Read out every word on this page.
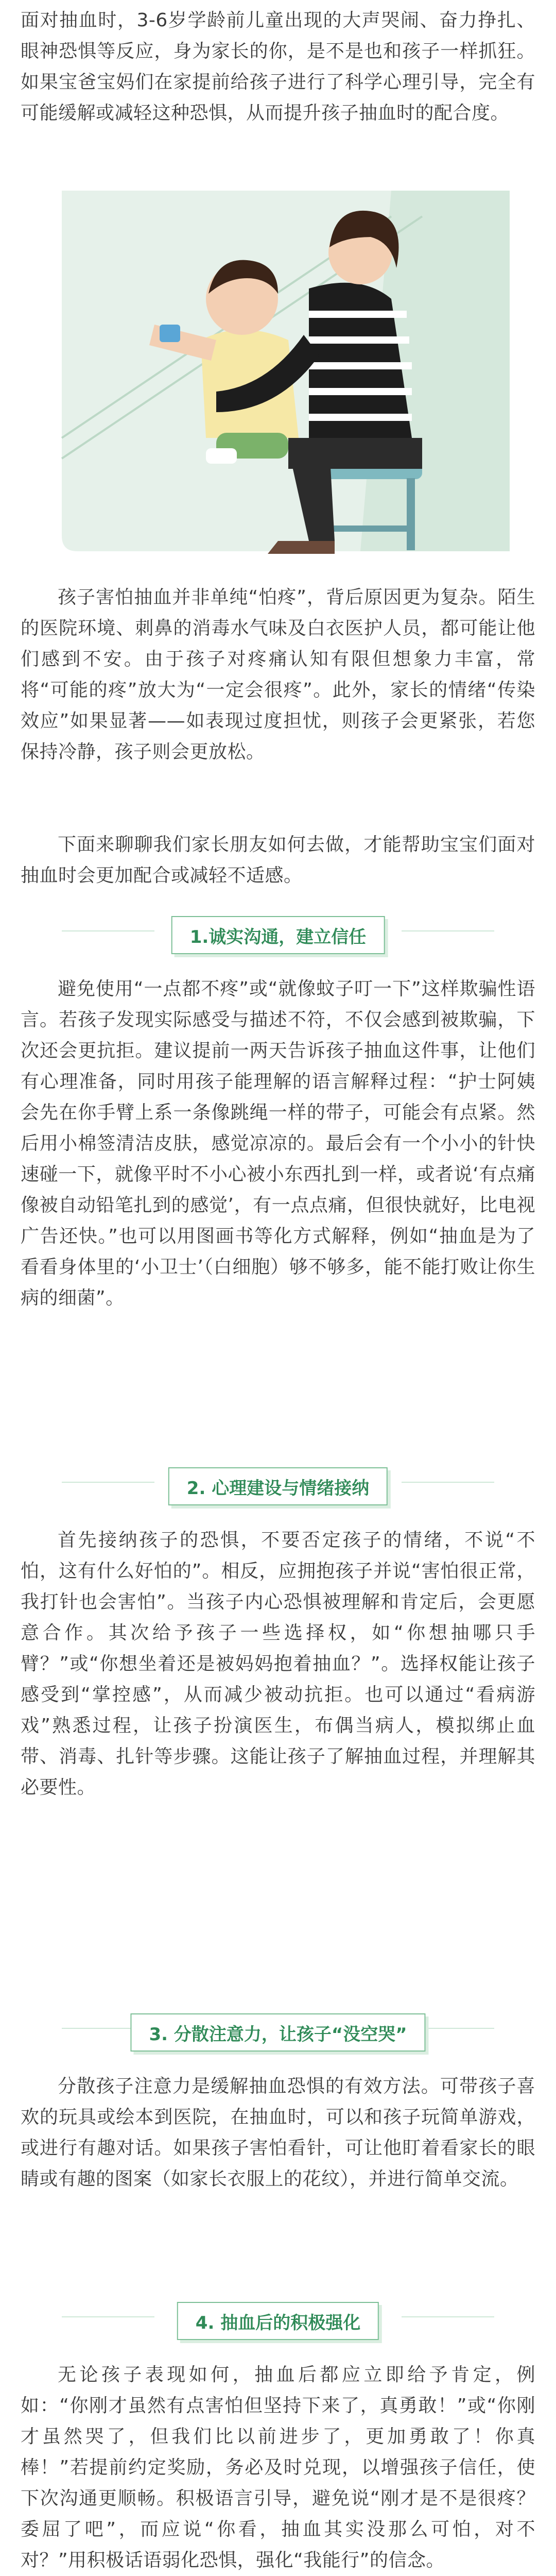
面对抽血时，3-6岁学龄前儿童出现的大声哭闹、奋力挣扎、眼神恐惧等反应，身为家长的你，是不是也和孩子一样抓狂。如果宝爸宝妈们在家提前给孩子进行了科学心理引导，完全有可能缓解或减轻这种恐惧，从而提升孩子抽血时的配合度。

孩子害怕抽血并非单纯“怕疼”，背后原因更为复杂。陌生的医院环境、刺鼻的消毒水气味及白衣医护人员，都可能让他们感到不安。由于孩子对疼痛认知有限但想象力丰富，常将“可能的疼”放大为“一定会很疼”。此外，家长的情绪“传染效应”如果显著——如表现过度担忧，则孩子会更紧张，若您保持冷静，孩子则会更放松。

下面来聊聊我们家长朋友如何去做，才能帮助宝宝们面对抽血时会更加配合或减轻不适感。

1.诚实沟通，建立信任

避免使用“一点都不疼”或“就像蚊子叮一下”这样欺骗性语言。若孩子发现实际感受与描述不符，不仅会感到被欺骗，下次还会更抗拒。建议提前一两天告诉孩子抽血这件事，让他们有心理准备，同时用孩子能理解的语言解释过程：“护士阿姨会先在你手臂上系一条像跳绳一样的带子，可能会有点紧。然后用小棉签清洁皮肤，感觉凉凉的。最后会有一个小小的针快速碰一下，就像平时不小心被小东西扎到一样，或者说‘有点痛像被自动铅笔扎到的感觉’，有一点点痛，但很快就好，比电视广告还快。”也可以用图画书等化方式解释，例如“抽血是为了看看身体里的‘小卫士’（白细胞）够不够多，能不能打败让你生病的细菌”。

2. 心理建设与情绪接纳

首先接纳孩子的恐惧，不要否定孩子的情绪，不说“不怕，这有什么好怕的”。相反，应拥抱孩子并说“害怕很正常，我打针也会害怕”。当孩子内心恐惧被理解和肯定后，会更愿意合作。其次给予孩子一些选择权，如“你想抽哪只手臂？”或“你想坐着还是被妈妈抱着抽血？”。选择权能让孩子感受到“掌控感”，从而减少被动抗拒。也可以通过“看病游戏”熟悉过程，让孩子扮演医生，布偶当病人，模拟绑止血带、消毒、扎针等步骤。这能让孩子了解抽血过程，并理解其必要性。

3. 分散注意力，让孩子“没空哭”

分散孩子注意力是缓解抽血恐惧的有效方法。可带孩子喜欢的玩具或绘本到医院，在抽血时，可以和孩子玩简单游戏，或进行有趣对话。如果孩子害怕看针，可让他盯着看家长的眼睛或有趣的图案（如家长衣服上的花纹），并进行简单交流。

4. 抽血后的积极强化

无论孩子表现如何，抽血后都应立即给予肯定，例如：“你刚才虽然有点害怕但坚持下来了，真勇敢！”或“你刚才虽然哭了，但我们比以前进步了，更加勇敢了！你真棒！”若提前约定奖励，务必及时兑现，以增强孩子信任，使下次沟通更顺畅。积极语言引导，避免说“刚才是不是很疼？委屈了吧”，而应说“你看，抽血其实没那么可怕，对不对？”用积极话语弱化恐惧，强化“我能行”的信念。
